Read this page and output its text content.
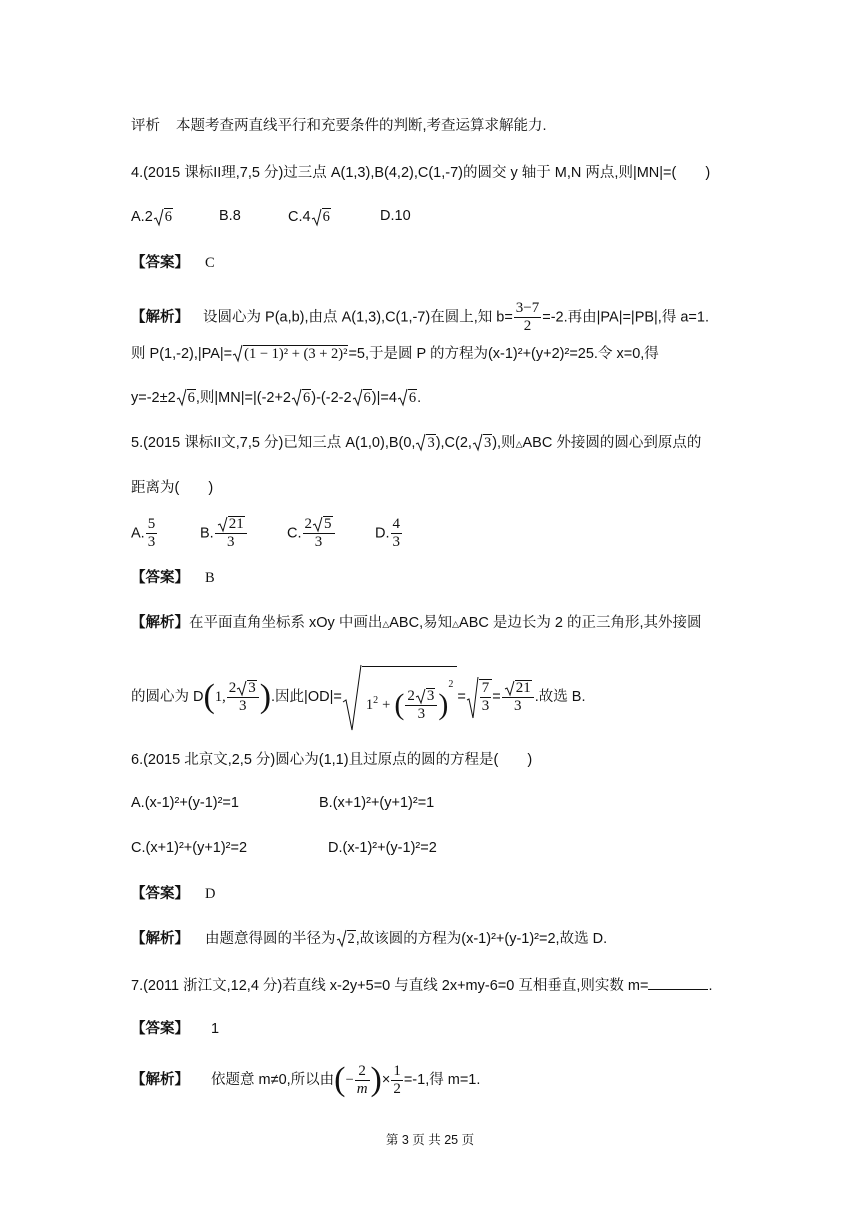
评析 本题考查两直线平行和充要条件的判断,考查运算求解能力.
4.(2015 课标II理,7,5 分)过三点 A(1,3),B(4,2),C(1,-7)的圆交 y 轴于 M,N 两点,则|MN|=(　　)
A.2 6	B.8	C.4 6	D.10
【答案】 C
【解析】 设圆心为 P(a,b),由点 A(1,3),C(1,-7)在圆上,知 $b= \frac{3-7}{2} =-2$.再由|PA|=|PB|,得 a=1.
则 P(1,-2),|PA|= (1 − 1)² + (3 + 2)²=5,于是圆 P 的方程为(x-1)²+(y+2)²=25.令 x=0,得
y=-2±2 6,则|MN|=|(-2+2 6)-(-2-2 6)|=4 6.
5.(2015 课标II文,7,5 分)已知三点 A(1,0),B(0, 3),C(2, 3),则△ABC 外接圆的圆心到原点的
距离为(　　)
A. $\frac{5}{3}$	B. $\frac{21}{3}$	C. $\frac{2 5}{3}$	D. $\frac{4}{3}$
【答案】 B
【解析】在平面直角坐标系 xOy 中画出△ABC,易知△ABC 是边长为 2 的正三角形,其外接圆
的圆心为 D(1, $\frac{2 3}{3}$ ).因此$|OD|= 1^2$ + ( $\frac{2 3}{3} )^2= \frac{7}{3} = \frac{21}{3}$ .故选 B.
6.(2015 北京文,2,5 分)圆心为(1,1)且过原点的圆的方程是(　　)
A.(x-1)²+(y-1)²=1	B.(x+1)²+(y+1)²=1
C.(x+1)²+(y+1)²=2	D.(x-1)²+(y-1)²=2
【答案】 D
【解析】 由题意得圆的半径为 2,故该圆的方程为(x-1)²+(y-1)²=2,故选 D.
7.(2011 浙江文,12,4 分)若直线 x-2y+5=0 与直线 2x+my-6=0 互相垂直,则实数 m=	.
【答案】 1
【解析】 依题意 m≠0,所以由(− $\frac{2}{m}$ )× $\frac{1}{2} =-1$,得 m=1.
第 3 页 共 25 页
